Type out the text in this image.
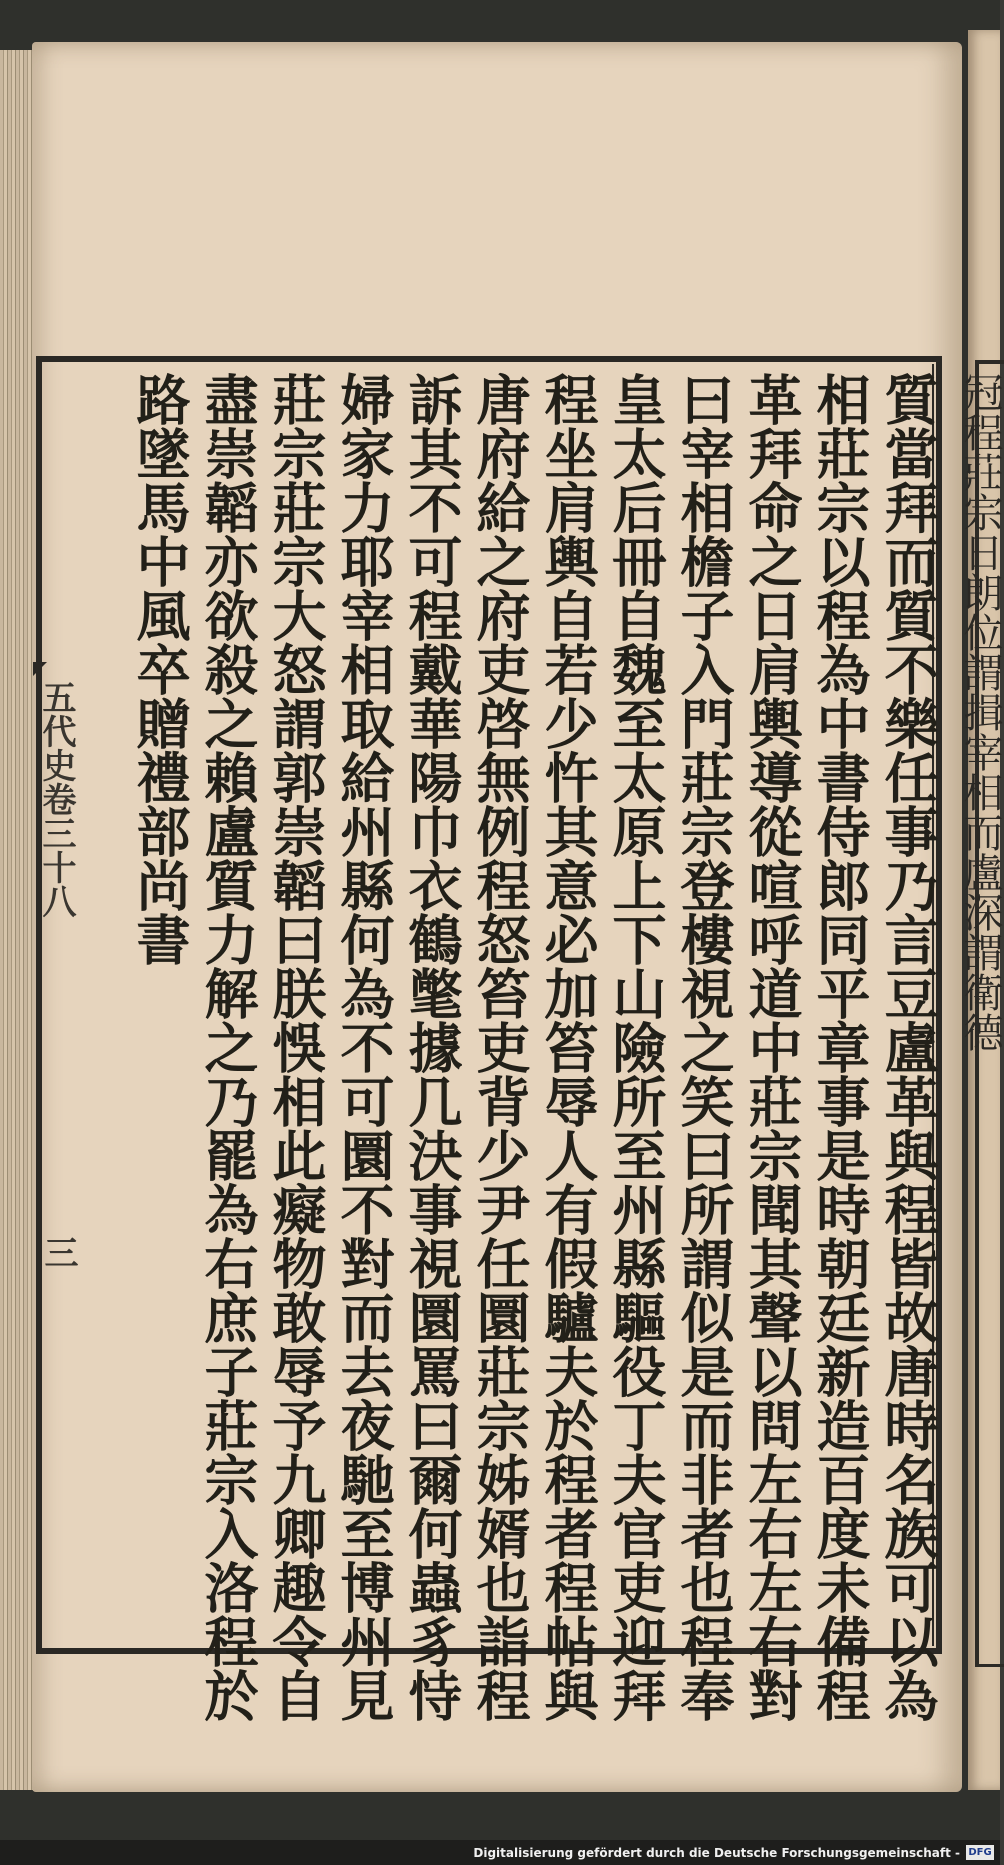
質當拜而質不樂任事乃言豆盧革與程皆故唐時名族可以為
相莊宗以程為中書侍郎同平章事是時朝廷新造百度未備程
革拜命之日肩輿導從喧呼道中莊宗聞其聲以問左右左右對
曰宰相檐子入門莊宗登樓視之笑曰所謂似是而非者也程奉
皇太后冊自魏至太原上下山險所至州縣驅役丁夫官吏迎拜
程坐肩輿自若少忤其意必加笞辱人有假驢夫於程者程帖與
唐府給之府吏啓無例程怒笞吏背少尹任圜莊宗姊婿也詣程
訴其不可程戴華陽巾衣鶴氅據几決事視圜罵曰爾何蟲豸恃
婦家力耶宰相取給州縣何為不可圜不對而去夜馳至博州見
莊宗莊宗大怒謂郭崇韜曰朕悞相此癡物敢辱予九卿趣令自
盡崇韜亦欲殺之賴盧質力解之乃罷為右庶子莊宗入洛程於
路墜馬中風卒贈禮部尚書
五代史卷三十八
三
Digitalisierung gefördert durch die Deutsche Forschungsgemeinschaft - DFG
